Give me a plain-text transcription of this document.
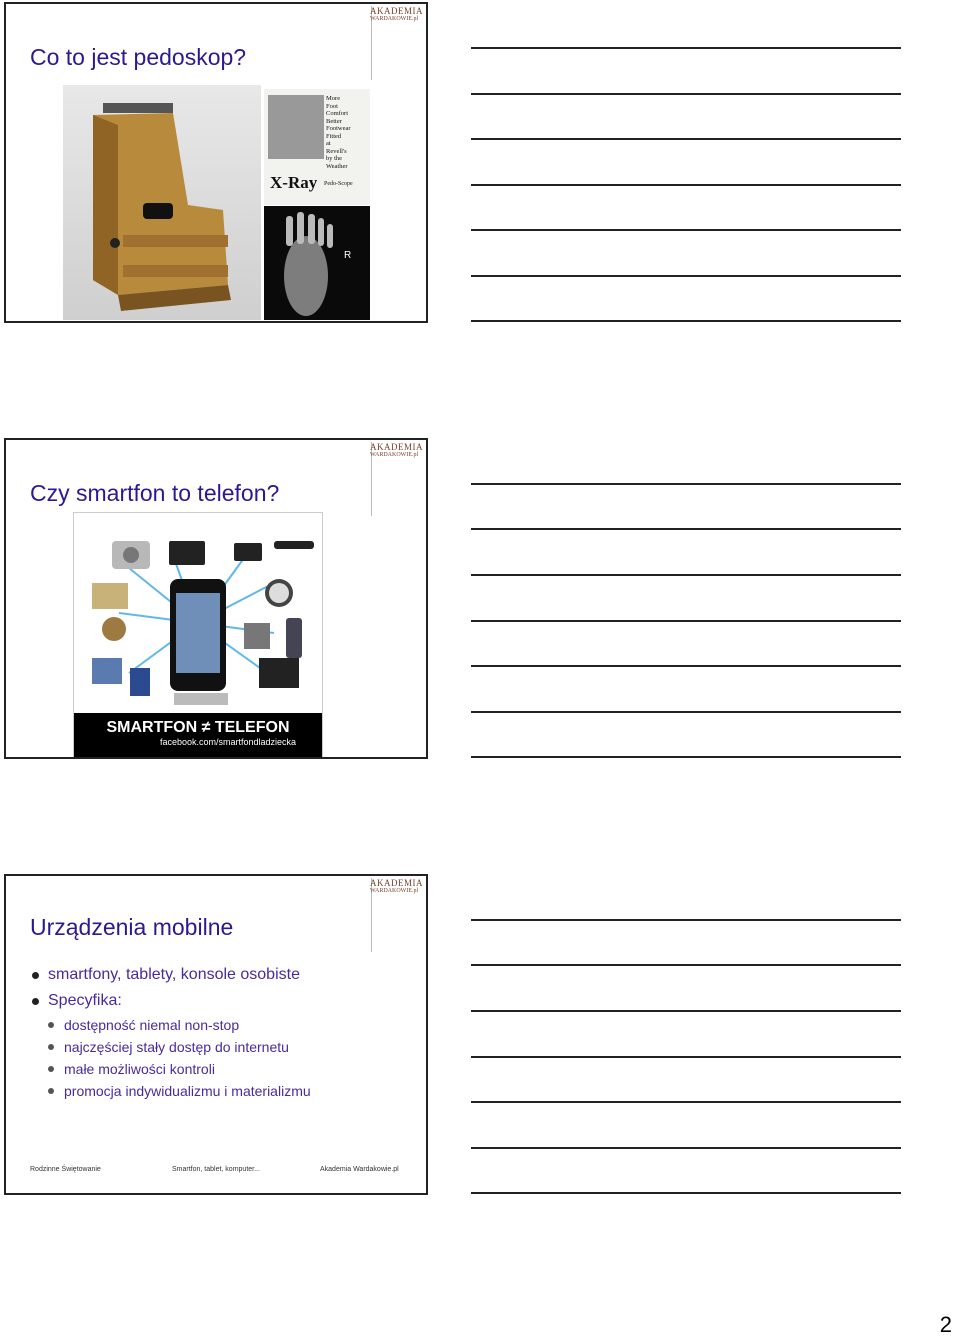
Co to jest pedoskop?
AKADEMIA
WARDAKOWIE.pl
More
Foot
Comfort
Better
Footwear
Fitted
at
Revell's
by the
Weather
X-Ray Pedo-Scope
R
Czy smartfon to telefon?
AKADEMIA
WARDAKOWIE.pl
SMARTFON ≠ TELEFON
facebook.com/smartfondladziecka
Urządzenia mobilne
AKADEMIA
WARDAKOWIE.pl
smartfony, tablety, konsole osobiste
Specyfika:
dostępność niemal non-stop
najczęściej stały dostęp do internetu
małe możliwości kontroli
promocja indywidualizmu i materializmu
Rodzinne Świętowanie	Smartfon, tablet, komputer...	Akademia Wardakowie.pl
2
